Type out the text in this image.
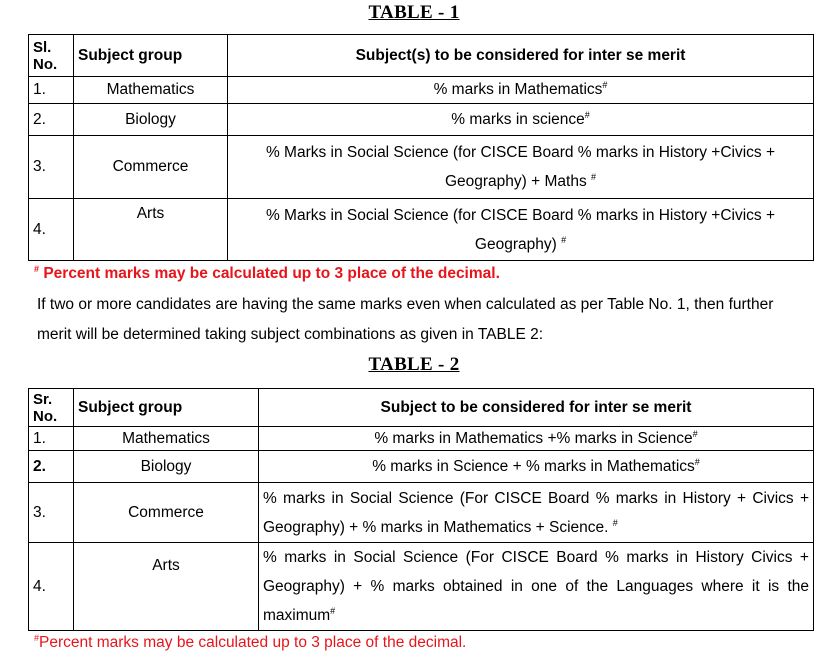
TABLE - 1
Sl. No.	Subject group	Subject(s) to be considered for inter se merit
1.	Mathematics	% marks in Mathematics#
2.	Biology	% marks in science#
3.	Commerce	% Marks in Social Science (for CISCE Board % marks in History +Civics + Geography) + Maths #
4.	Arts	% Marks in Social Science (for CISCE Board % marks in History +Civics + Geography) #
# Percent marks may be calculated up to 3 place of the decimal.
If two or more candidates are having the same marks even when calculated as per Table No. 1, then further merit will be determined taking subject combinations as given in TABLE 2:
TABLE - 2
Sr. No.	Subject group	Subject to be considered for inter se merit
1.	Mathematics	% marks in Mathematics +% marks in Science#
2.	Biology	% marks in Science + % marks in Mathematics#
3.	Commerce	% marks in Social Science (For CISCE Board % marks in History + Civics + Geography) + % marks in Mathematics + Science. #
4.	Arts	% marks in Social Science (For CISCE Board % marks in History Civics + Geography) + % marks obtained in one of the Languages where it is the maximum#
#Percent marks may be calculated up to 3 place of the decimal.
